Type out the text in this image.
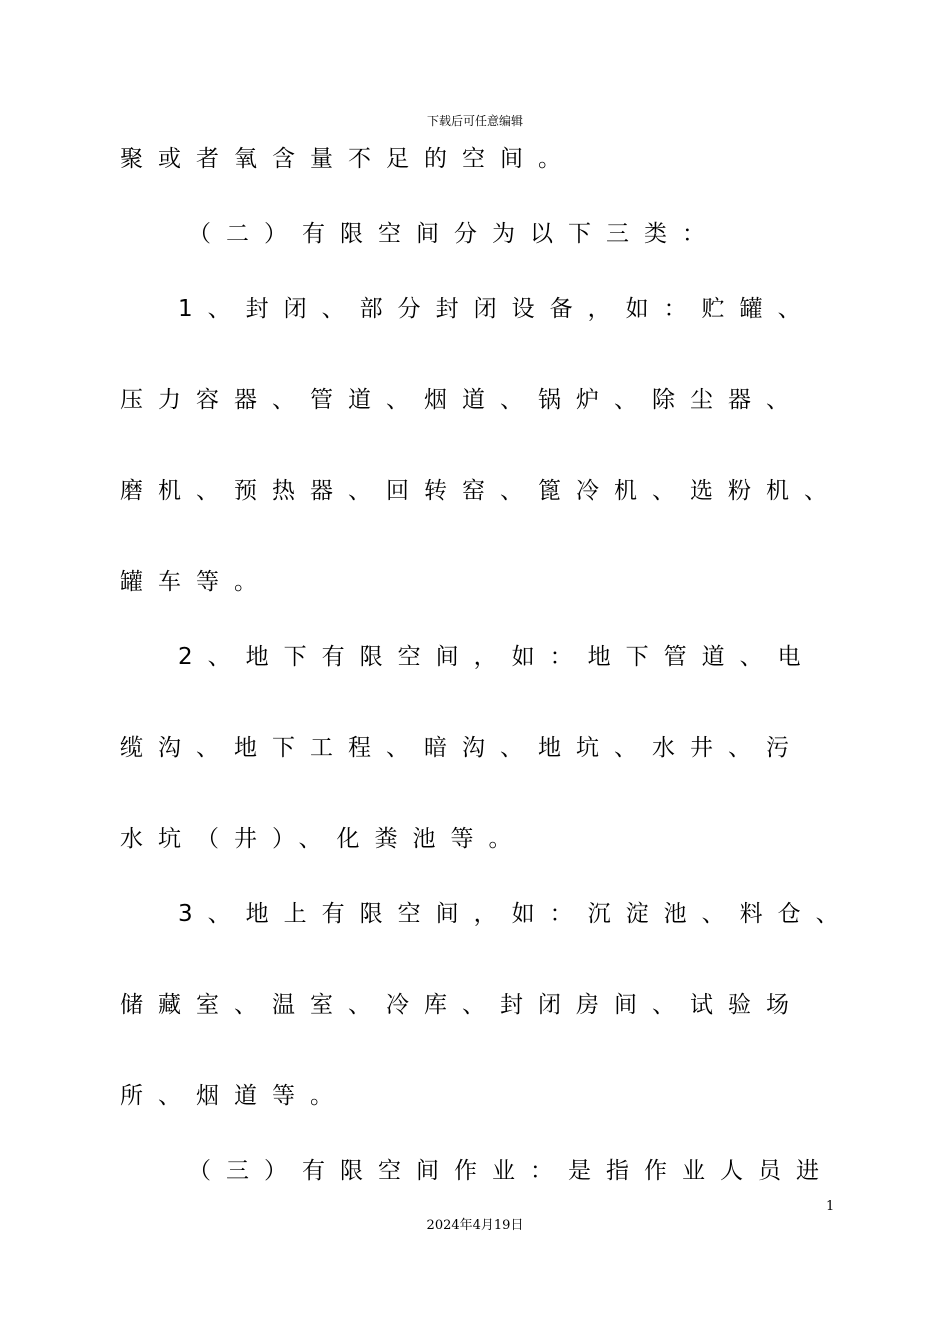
下载后可任意编辑
聚或者氧含量不足的空间。
（二）有限空间分为以下三类：
1、封闭、部分封闭设备，如：贮罐、
压力容器、管道、烟道、锅炉、除尘器、
磨机、预热器、回转窑、篦冷机、选粉机、
罐车等。
2、地下有限空间，如：地下管道、电
缆沟、地下工程、暗沟、地坑、水井、污
水坑（井）、化粪池等。
3、地上有限空间，如：沉淀池、料仓、
储藏室、温室、冷库、封闭房间、试验场
所、烟道等。
（三）有限空间作业：是指作业人员进
1
2024年4月19日
